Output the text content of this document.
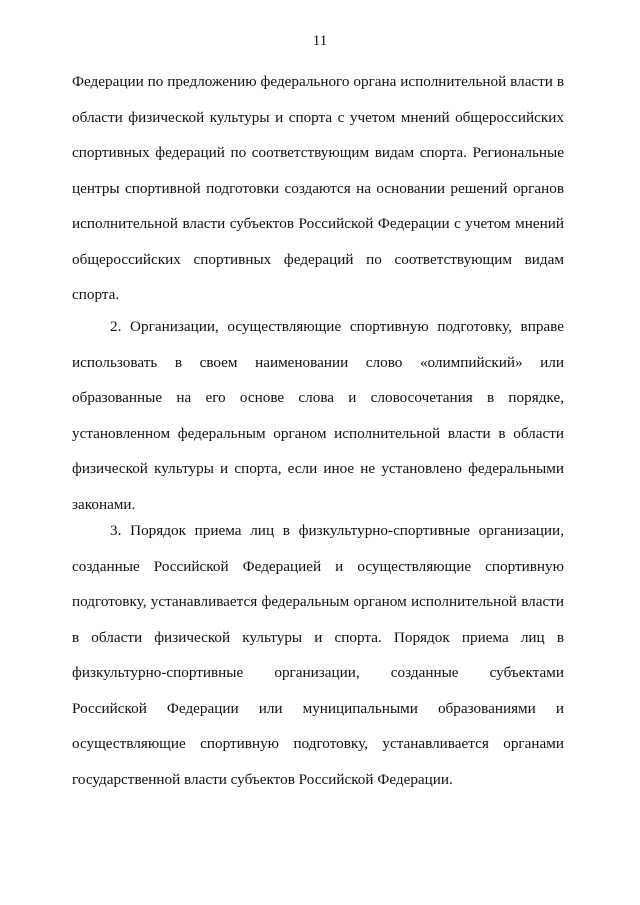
11
Федерации по предложению федерального органа исполнительной власти в
области физической культуры и спорта с учетом мнений общероссийских
спортивных федераций по соответствующим видам спорта. Региональные
центры спортивной подготовки создаются на основании решений органов
исполнительной власти субъектов Российской Федерации с учетом мнений
общероссийских спортивных федераций по соответствующим видам
спорта.
2. Организации, осуществляющие спортивную подготовку, вправе
использовать в своем наименовании слово «олимпийский» или
образованные на его основе слова и словосочетания в порядке,
установленном федеральным органом исполнительной власти в области
физической культуры и спорта, если иное не установлено федеральными
законами.
3. Порядок приема лиц в физкультурно-спортивные организации,
созданные Российской Федерацией и осуществляющие спортивную
подготовку, устанавливается федеральным органом исполнительной власти
в области физической культуры и спорта. Порядок приема лиц в
физкультурно-спортивные организации, созданные субъектами
Российской Федерации или муниципальными образованиями и
осуществляющие спортивную подготовку, устанавливается органами
государственной власти субъектов Российской Федерации.
